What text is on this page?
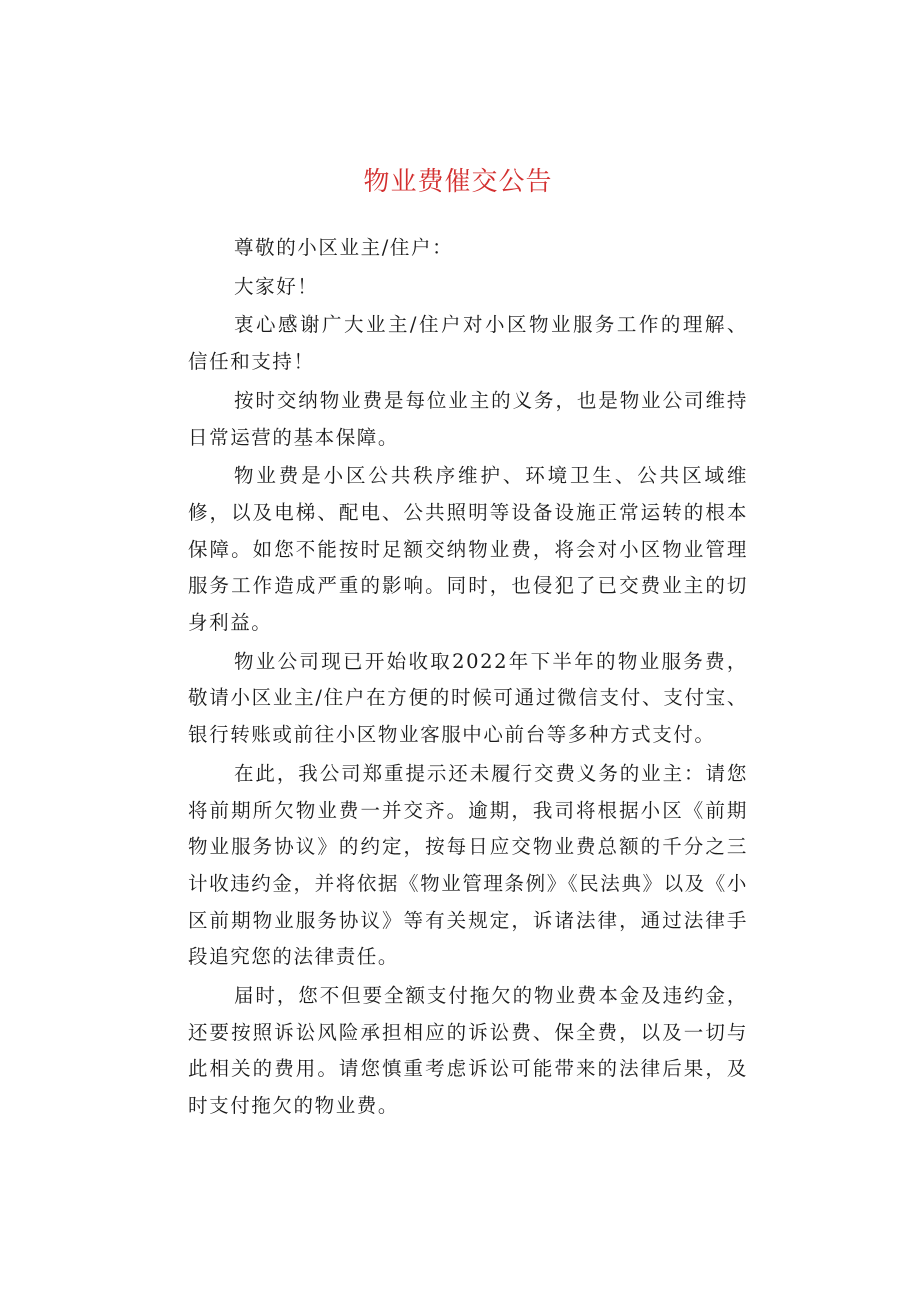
物业费催交公告

尊敬的小区业主/住户：

大家好！

衷心感谢广大业主/住户对小区物业服务工作的理解、信任和支持！

按时交纳物业费是每位业主的义务，也是物业公司维持日常运营的基本保障。

物业费是小区公共秩序维护、环境卫生、公共区域维修，以及电梯、配电、公共照明等设备设施正常运转的根本保障。如您不能按时足额交纳物业费，将会对小区物业管理服务工作造成严重的影响。同时，也侵犯了已交费业主的切身利益。

物业公司现已开始收取2022年下半年的物业服务费，敬请小区业主/住户在方便的时候可通过微信支付、支付宝、银行转账或前往小区物业客服中心前台等多种方式支付。

在此，我公司郑重提示还未履行交费义务的业主：请您将前期所欠物业费一并交齐。逾期，我司将根据小区《前期物业服务协议》的约定，按每日应交物业费总额的千分之三计收违约金，并将依据《物业管理条例》《民法典》以及《小区前期物业服务协议》等有关规定，诉诸法律，通过法律手段追究您的法律责任。

届时，您不但要全额支付拖欠的物业费本金及违约金，还要按照诉讼风险承担相应的诉讼费、保全费，以及一切与此相关的费用。请您慎重考虑诉讼可能带来的法律后果，及时支付拖欠的物业费。
